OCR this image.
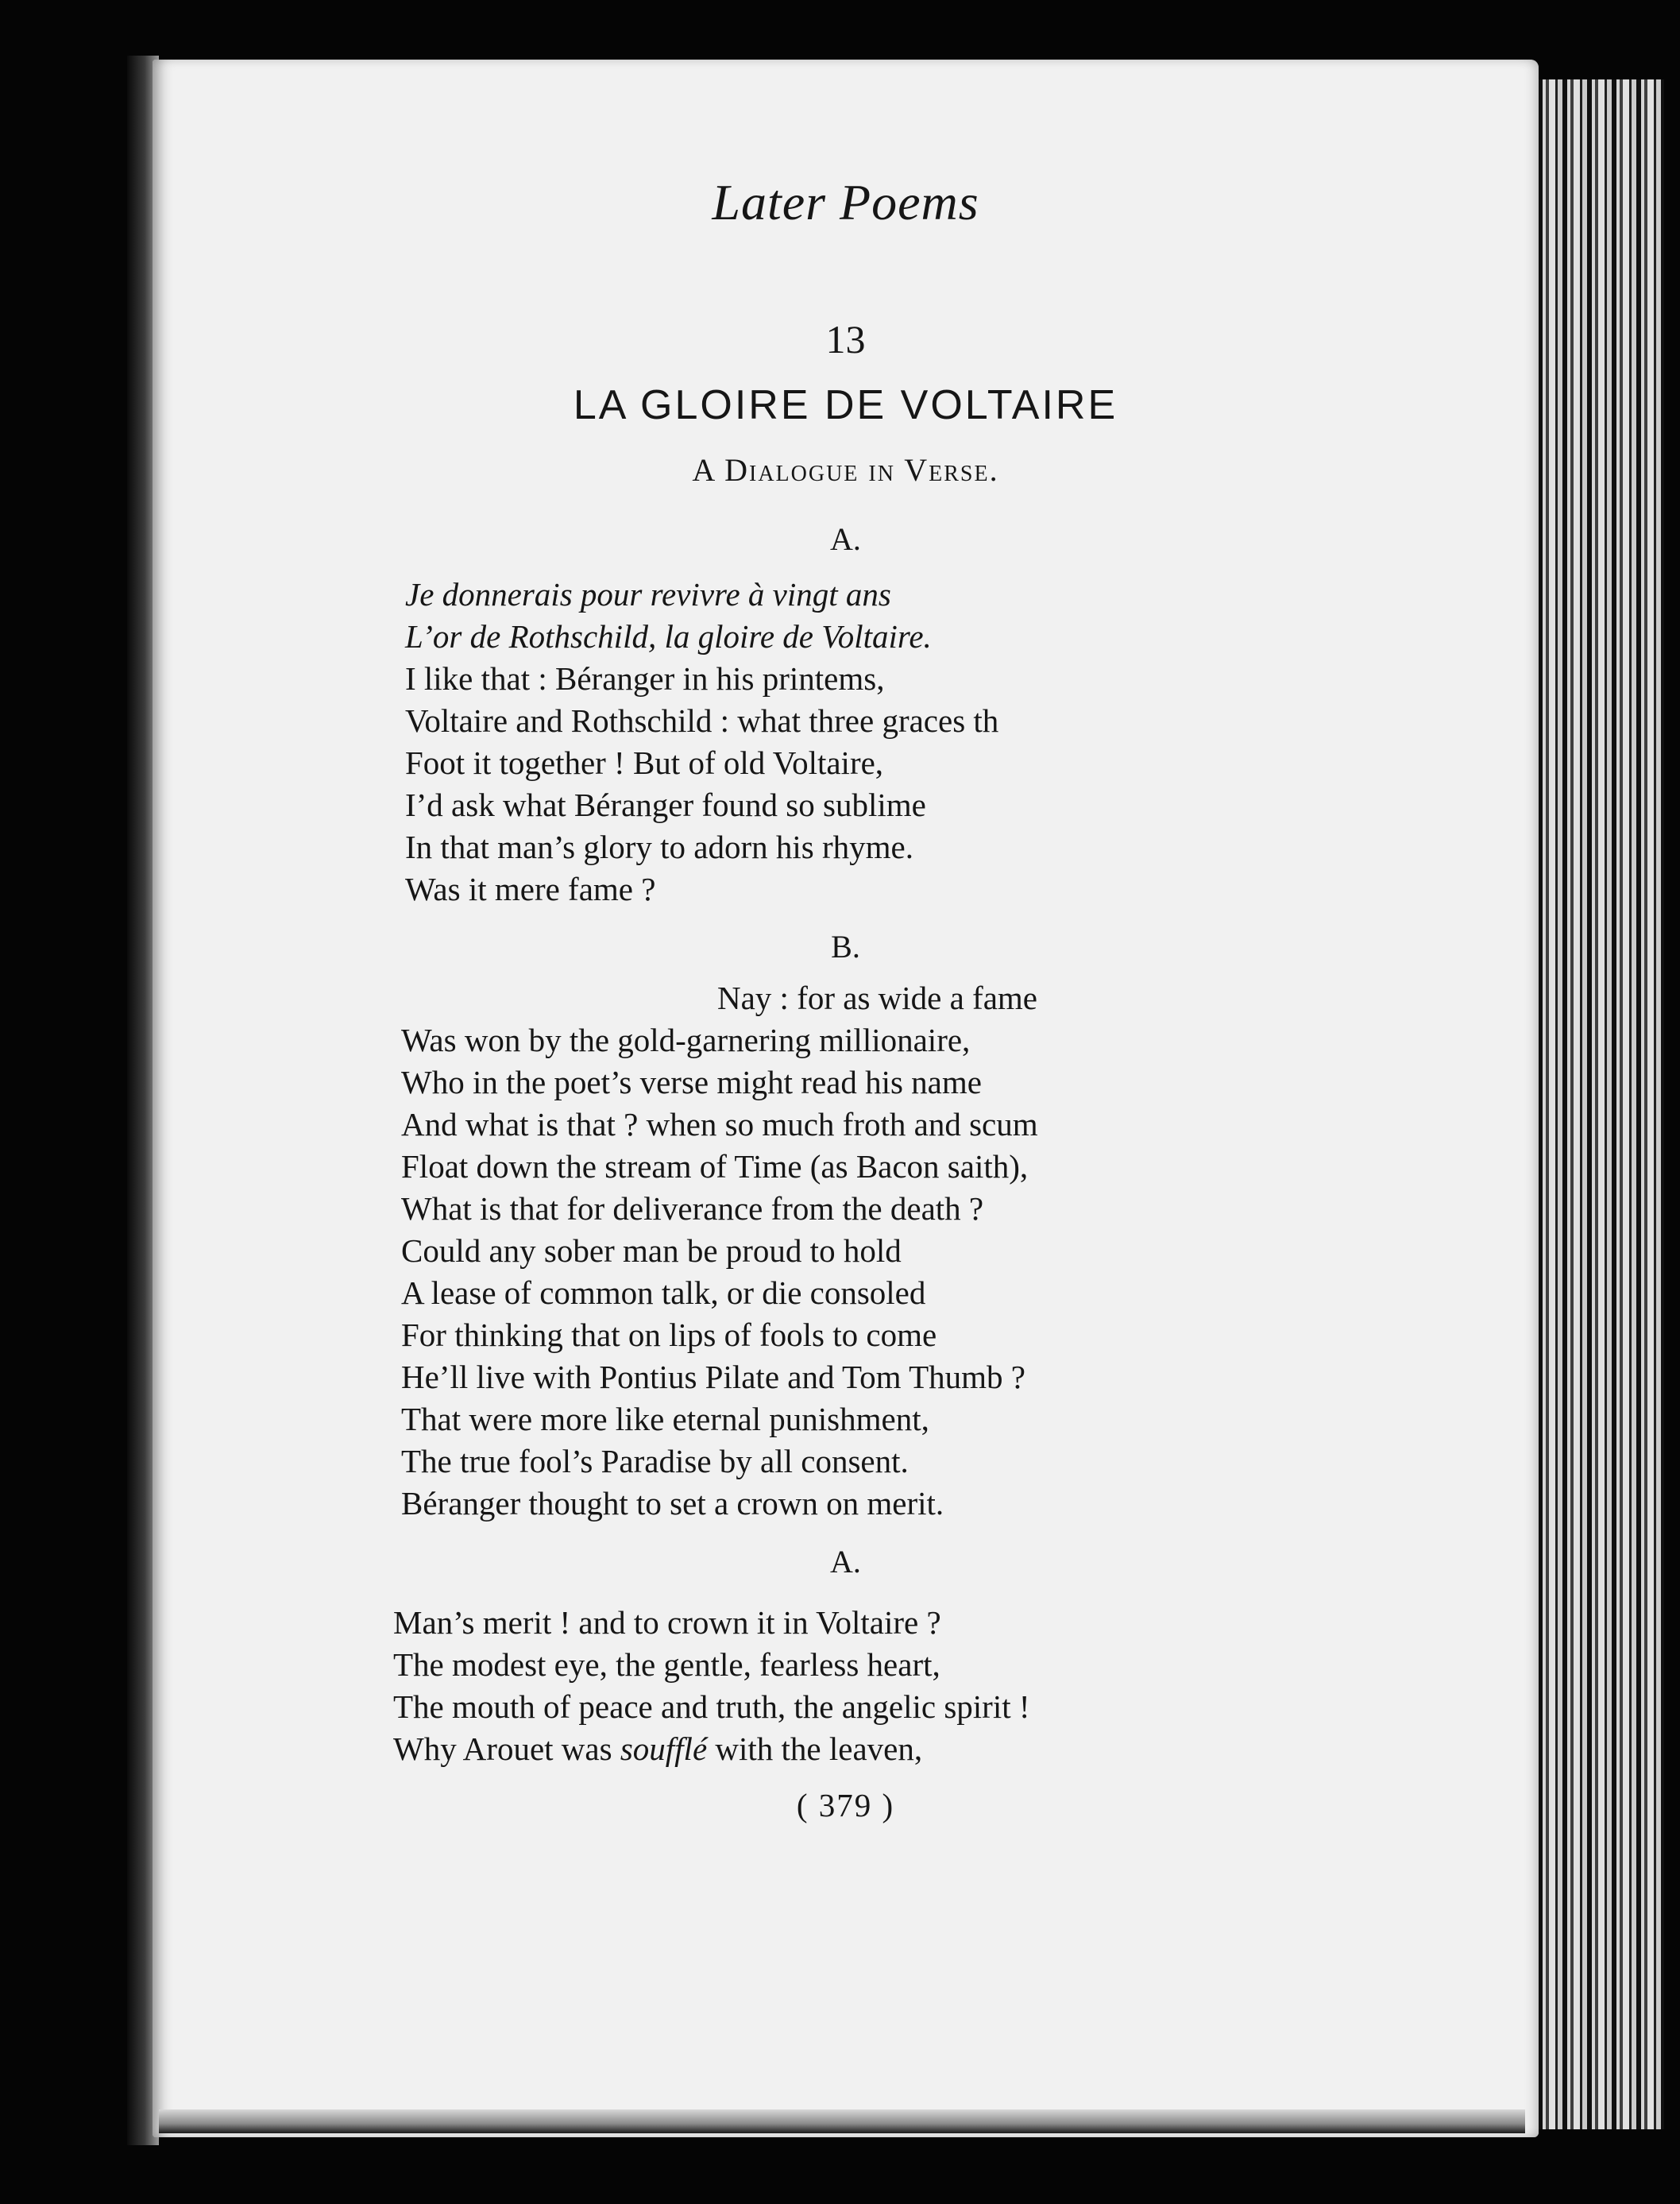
Later Poems
13
LA GLOIRE DE VOLTAIRE
A Dialogue in Verse.
A.
Je donnerais pour revivre à vingt ans
L’or de Rothschild, la gloire de Voltaire.
I like that : Béranger in his printems,
Voltaire and Rothschild : what three graces th
Foot it together ! But of old Voltaire,
I’d ask what Béranger found so sublime
In that man’s glory to adorn his rhyme.
Was it mere fame ?
B.
Nay : for as wide a fame
Was won by the gold-garnering millionaire,
Who in the poet’s verse might read his name
And what is that ? when so much froth and scum
Float down the stream of Time (as Bacon saith),
What is that for deliverance from the death ?
Could any sober man be proud to hold
A lease of common talk, or die consoled
For thinking that on lips of fools to come
He’ll live with Pontius Pilate and Tom Thumb ?
That were more like eternal punishment,
The true fool’s Paradise by all consent.
Béranger thought to set a crown on merit.
A.
Man’s merit ! and to crown it in Voltaire ?
The modest eye, the gentle, fearless heart,
The mouth of peace and truth, the angelic spirit !
Why Arouet was soufflé with the leaven,
( 379 )
